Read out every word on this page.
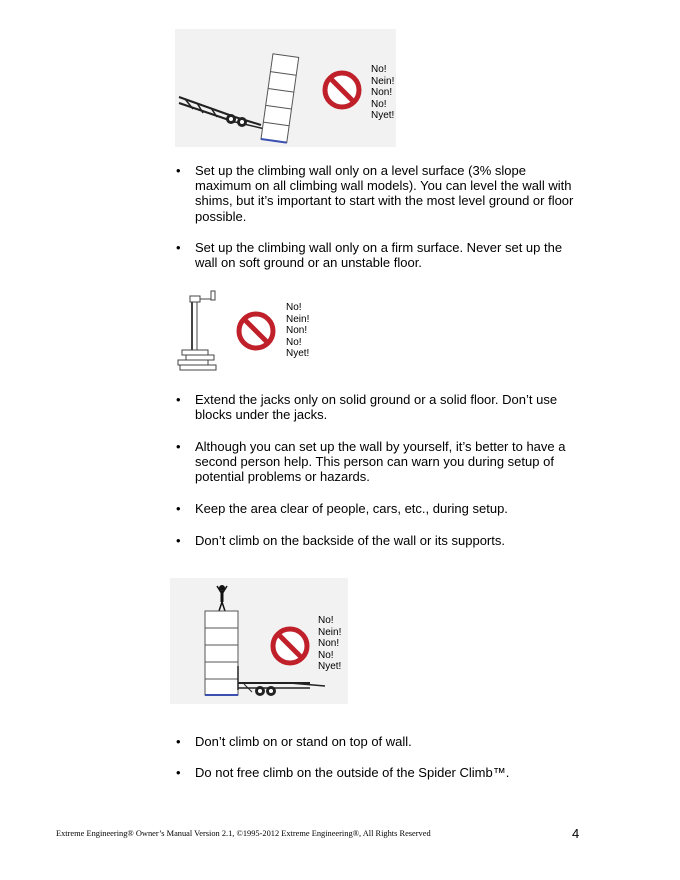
No!
Nein!
Non!
No!
Nyet!
• Set up the climbing wall only on a level surface (3% slope maximum on all climbing wall models). You can level the wall with shims, but it’s important to start with the most level ground or floor possible.
• Set up the climbing wall only on a firm surface. Never set up the wall on soft ground or an unstable floor.
No!
Nein!
Non!
No!
Nyet!
• Extend the jacks only on solid ground or a solid floor. Don’t use blocks under the jacks.
• Although you can set up the wall by yourself, it’s better to have a second person help. This person can warn you during setup of potential problems or hazards.
• Keep the area clear of people, cars, etc., during setup.
• Don’t climb on the backside of the wall or its supports.
No!
Nein!
Non!
No!
Nyet!
• Don’t climb on or stand on top of wall.
• Do not free climb on the outside of the Spider Climb™.
Extreme Engineering® Owner’s Manual Version 2.1, ©1995-2012 Extreme Engineering®, All Rights Reserved	4
